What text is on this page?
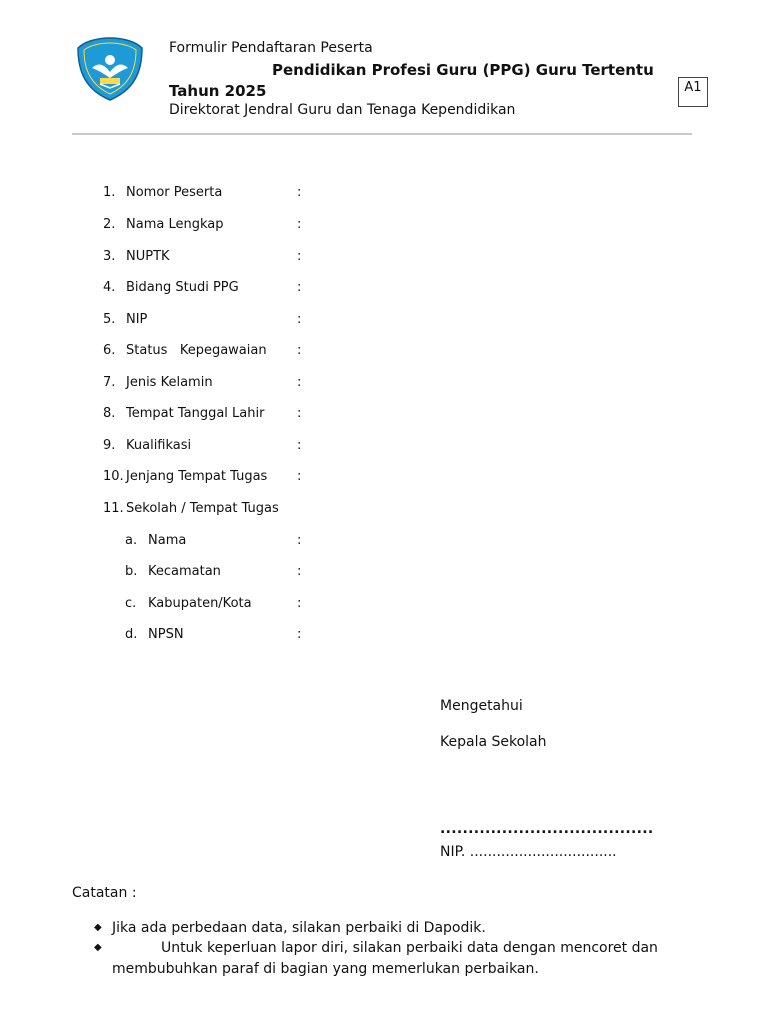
Formulir Pendaftaran Peserta
Pendidikan Profesi Guru (PPG) Guru Tertentu
Tahun 2025
Direktorat Jendral Guru dan Tenaga Kependidikan
A1
1. Nomor Peserta	:
2. Nama Lengkap	:
3. NUPTK	:
4. Bidang Studi PPG	:
5. NIP	:
6. Status   Kepegawaian :
7. Jenis Kelamin	:
8. Tempat Tanggal Lahir	:
9. Kualifikasi	:
10. Jenjang Tempat Tugas :
11. Sekolah / Tempat Tugas
a. Nama	:
b. Kecamatan	:
c. Kabupaten/Kota	:
d. NPSN	:
Mengetahui
Kepala Sekolah
......................................
NIP. .................................
Catatan :
◆ Jika ada perbedaan data, silakan perbaiki di Dapodik.
◆ Untuk keperluan lapor diri, silakan perbaiki data dengan mencoret dan
membubuhkan paraf di bagian yang memerlukan perbaikan.
